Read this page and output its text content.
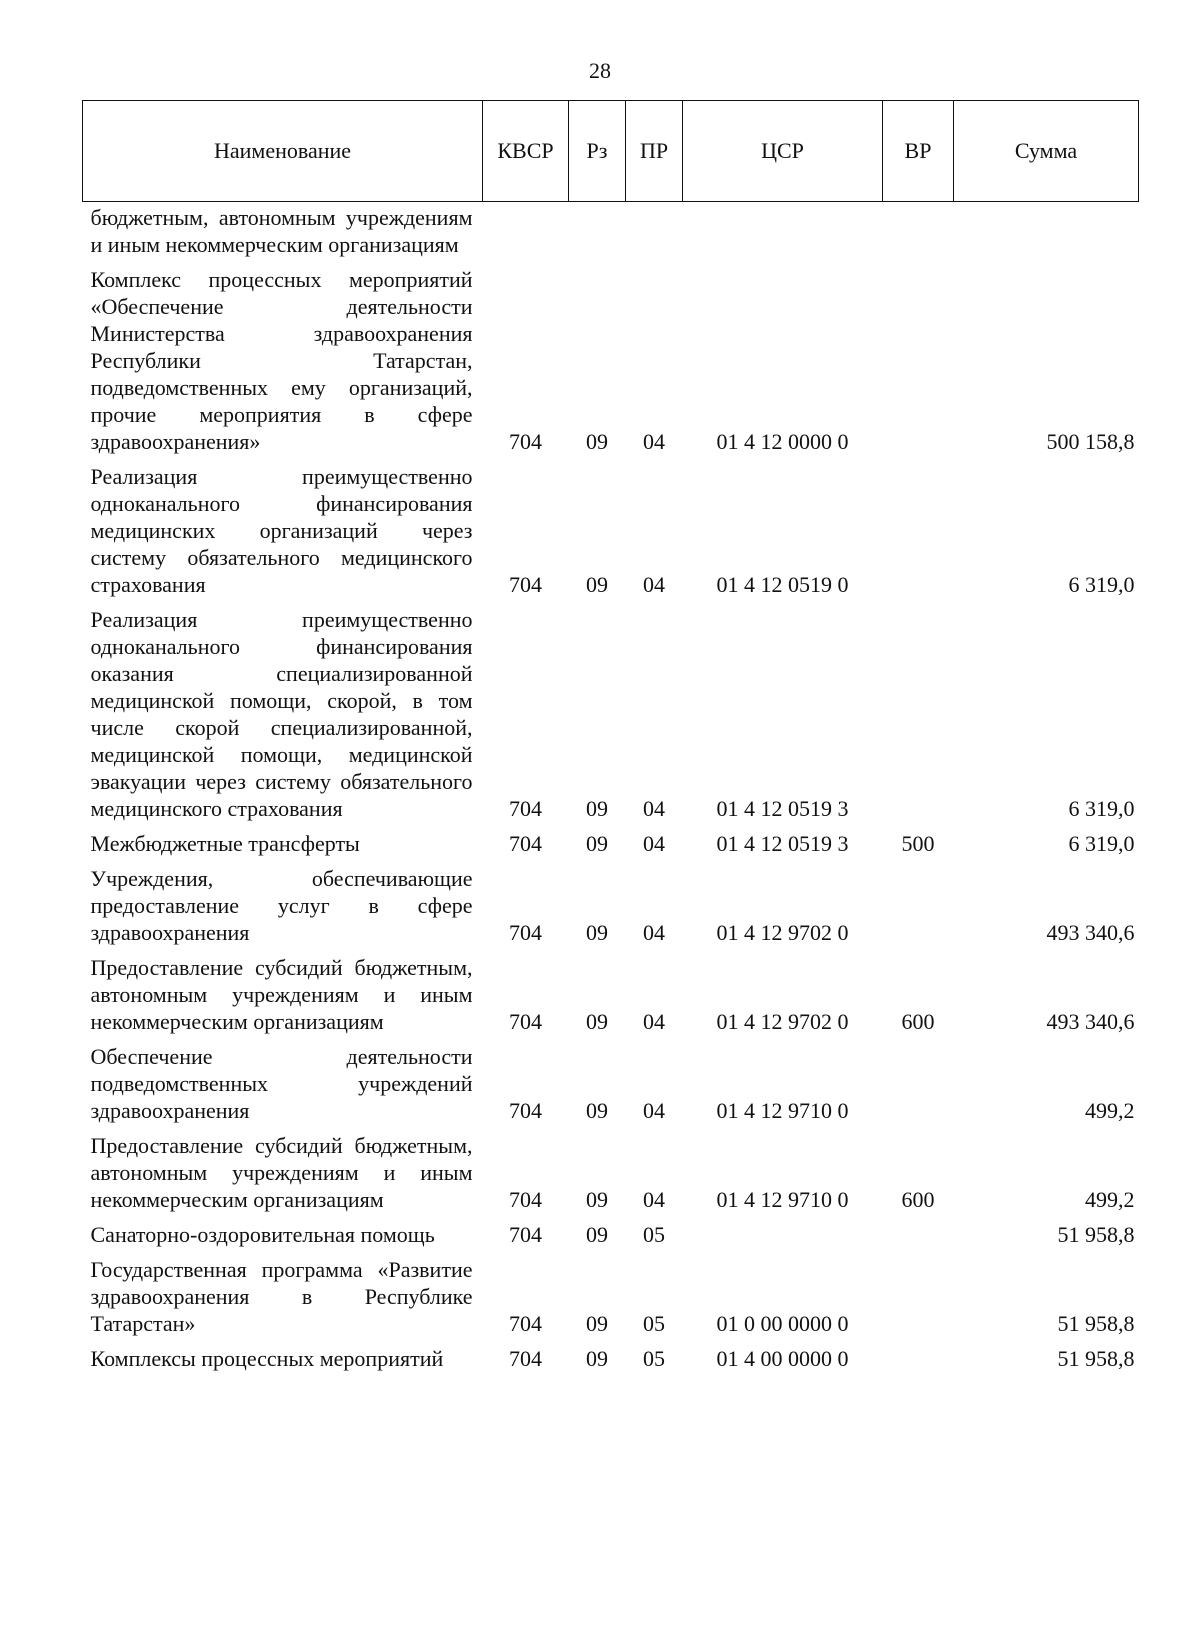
28
Наименование	КВСР	Рз	ПР	ЦСР	ВР	Сумма
бюджетным, автономным учреждениям и иным некоммерческим организациям						
Комплекс процессных мероприятий «Обеспечение деятельности Министерства здравоохранения Республики Татарстан, подведомственных ему организаций, прочие мероприятия в сфере здравоохранения»	704	09	04	01 4 12 0000 0		500 158,8
Реализация преимущественно одноканального финансирования медицинских организаций через систему обязательного медицинского страхования	704	09	04	01 4 12 0519 0		6 319,0
Реализация преимущественно одноканального финансирования оказания специализированной медицинской помощи, скорой, в том числе скорой специализированной, медицинской помощи, медицинской эвакуации через систему обязательного медицинского страхования	704	09	04	01 4 12 0519 3		6 319,0
Межбюджетные трансферты	704	09	04	01 4 12 0519 3	500	6 319,0
Учреждения, обеспечивающие предоставление услуг в сфере здравоохранения	704	09	04	01 4 12 9702 0		493 340,6
Предоставление субсидий бюджетным, автономным учреждениям и иным некоммерческим организациям	704	09	04	01 4 12 9702 0	600	493 340,6
Обеспечение деятельности подведомственных учреждений здравоохранения	704	09	04	01 4 12 9710 0		499,2
Предоставление субсидий бюджетным, автономным учреждениям и иным некоммерческим организациям	704	09	04	01 4 12 9710 0	600	499,2
Санаторно-оздоровительная помощь	704	09	05			51 958,8
Государственная программа «Развитие здравоохранения в Республике Татарстан»	704	09	05	01 0 00 0000 0		51 958,8
Комплексы процессных мероприятий	704	09	05	01 4 00 0000 0		51 958,8
